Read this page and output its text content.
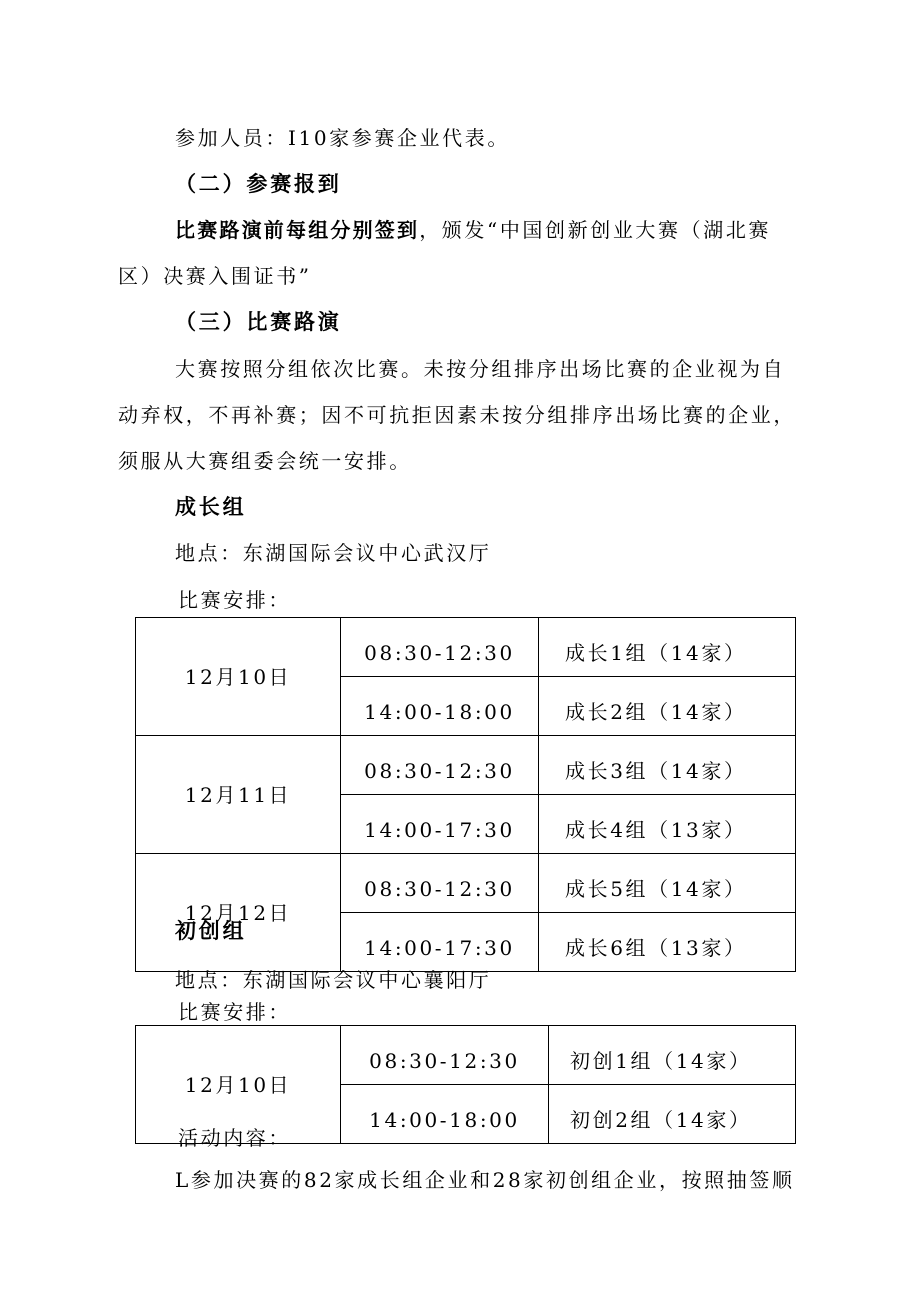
参加人员：I10家参赛企业代表。
（二）参赛报到
比赛路演前每组分别签到，颁发“中国创新创业大赛（湖北赛
区）决赛入围证书”
（三）比赛路演
大赛按照分组依次比赛。未按分组排序出场比赛的企业视为自
动弃权，不再补赛；因不可抗拒因素未按分组排序出场比赛的企业，
须服从大赛组委会统一安排。
成长组
地点：东湖国际会议中心武汉厅
比赛安排：
12月10日	08:30-12:30	成长1组（14家）
	14:00-18:00	成长2组（14家）
12月11日	08:30-12:30	成长3组（14家）
	14:00-17:30	成长4组（13家）
12月12日	08:30-12:30	成长5组（14家）
	14:00-17:30	成长6组（13家）
初创组
地点：东湖国际会议中心襄阳厅
比赛安排：
12月10日	08:30-12:30	初创1组（14家）
	14:00-18:00	初创2组（14家）
活动内容：
L参加决赛的82家成长组企业和28家初创组企业，按照抽签顺
